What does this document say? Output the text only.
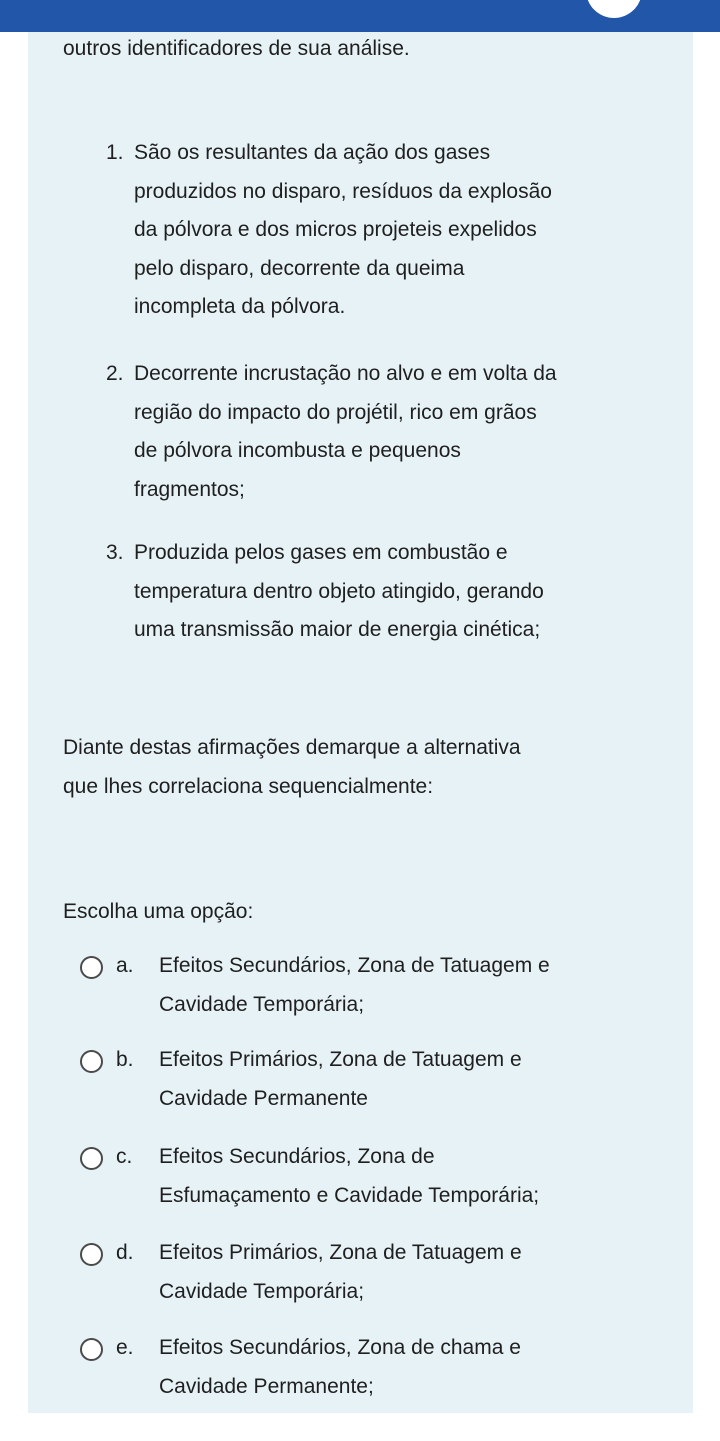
outros identificadores de sua análise.
1. São os resultantes da ação dos gases
produzidos no disparo, resíduos da explosão
da pólvora e dos micros projeteis expelidos
pelo disparo, decorrente da queima
incompleta da pólvora.
2. Decorrente incrustação no alvo e em volta da
região do impacto do projétil, rico em grãos
de pólvora incombusta e pequenos
fragmentos;
3. Produzida pelos gases em combustão e
temperatura dentro objeto atingido, gerando
uma transmissão maior de energia cinética;
Diante destas afirmações demarque a alternativa
que lhes correlaciona sequencialmente:
Escolha uma opção:
a. Efeitos Secundários, Zona de Tatuagem e
Cavidade Temporária;
b. Efeitos Primários, Zona de Tatuagem e
Cavidade Permanente
c. Efeitos Secundários, Zona de
Esfumaçamento e Cavidade Temporária;
d. Efeitos Primários, Zona de Tatuagem e
Cavidade Temporária;
e. Efeitos Secundários, Zona de chama e
Cavidade Permanente;
